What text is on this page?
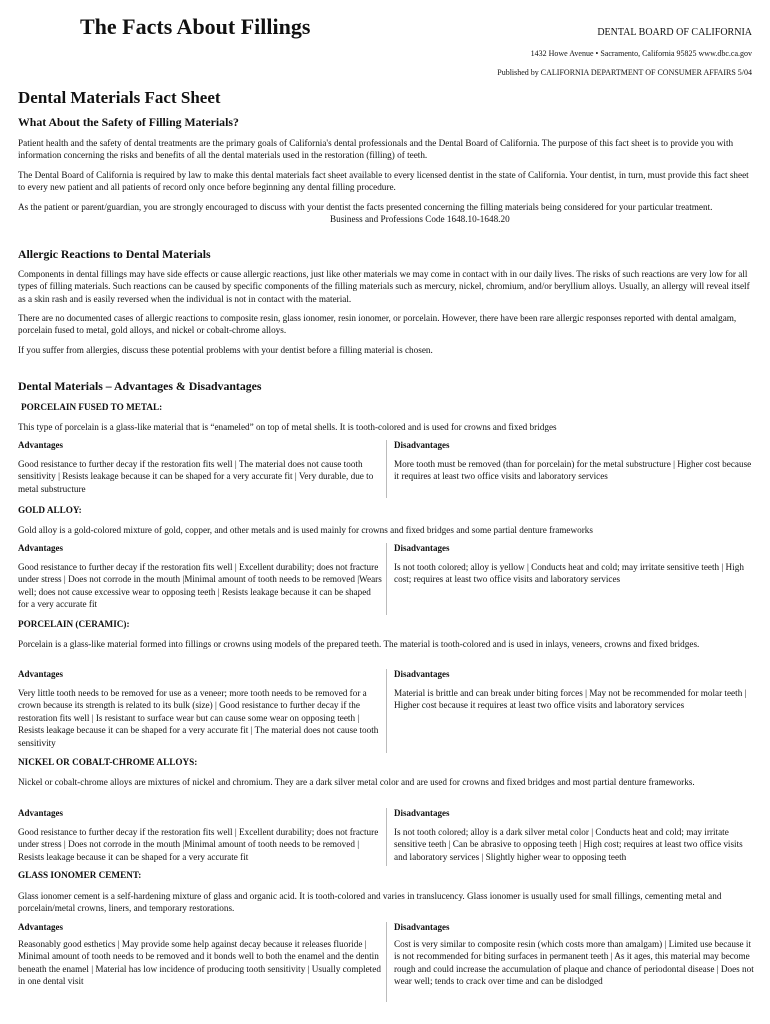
The Facts About Fillings	DENTAL BOARD OF CALIFORNIA
1432 Howe Avenue • Sacramento, California 95825 www.dbc.ca.gov
Published by CALIFORNIA DEPARTMENT OF CONSUMER AFFAIRS 5/04
Dental Materials Fact Sheet
What About the Safety of Filling Materials?

Patient health and the safety of dental treatments are the primary goals of California's dental professionals and the Dental Board of California. The purpose of this fact sheet is to provide you with information concerning the risks and benefits of all the dental materials used in the restoration (filling) of teeth.

The Dental Board of California is required by law to make this dental materials fact sheet available to every licensed dentist in the state of California. Your dentist, in turn, must provide this fact sheet to every new patient and all patients of record only once before beginning any dental filling procedure.

As the patient or parent/guardian, you are strongly encouraged to discuss with your dentist the facts presented concerning the filling materials being considered for your particular treatment.

Business and Professions Code 1648.10-1648.20

Allergic Reactions to Dental Materials

Components in dental fillings may have side effects or cause allergic reactions, just like other materials we may come in contact with in our daily lives. The risks of such reactions are very low for all types of filling materials. Such reactions can be caused by specific components of the filling materials such as mercury, nickel, chromium, and/or beryllium alloys. Usually, an allergy will reveal itself as a skin rash and is easily reversed when the individual is not in contact with the material.

There are no documented cases of allergic reactions to composite resin, glass ionomer, resin ionomer, or porcelain. However, there have been rare allergic responses reported with dental amalgam, porcelain fused to metal, gold alloys, and nickel or cobalt-chrome alloys.

If you suffer from allergies, discuss these potential problems with your dentist before a filling material is chosen.

Dental Materials – Advantages & Disadvantages

PORCELAIN FUSED TO METAL:

This type of porcelain is a glass-like material that is “enameled” on top of metal shells. It is tooth-colored and is used for crowns and fixed bridges

Advantages

Good resistance to further decay if the restoration fits well | The material does not cause tooth sensitivity | Resists leakage because it can be shaped for a very accurate fit | Very durable, due to metal substructure

Disadvantages

More tooth must be removed (than for porcelain) for the metal substructure | Higher cost because it requires at least two office visits and laboratory services

GOLD ALLOY:

Gold alloy is a gold-colored mixture of gold, copper, and other metals and is used mainly for crowns and fixed bridges and some partial denture frameworks

Advantages

Good resistance to further decay if the restoration fits well | Excellent durability; does not fracture under stress | Does not corrode in the mouth |Minimal amount of tooth needs to be removed |Wears well; does not cause excessive wear to opposing teeth | Resists leakage because it can be shaped for a very accurate fit

Disadvantages

Is not tooth colored; alloy is yellow | Conducts heat and cold; may irritate sensitive teeth | High cost; requires at least two office visits and laboratory services

PORCELAIN (CERAMIC):

Porcelain is a glass-like material formed into fillings or crowns using models of the prepared teeth. The material is tooth-colored and is used in inlays, veneers, crowns and fixed bridges.

Advantages

Very little tooth needs to be removed for use as a veneer; more tooth needs to be removed for a crown because its strength is related to its bulk (size) | Good resistance to further decay if the restoration fits well | Is resistant to surface wear but can cause some wear on opposing teeth | Resists leakage because it can be shaped for a very accurate fit | The material does not cause tooth sensitivity

Disadvantages

Material is brittle and can break under biting forces | May not be recommended for molar teeth | Higher cost because it requires at least two office visits and laboratory services

NICKEL OR COBALT-CHROME ALLOYS:

Nickel or cobalt-chrome alloys are mixtures of nickel and chromium. They are a dark silver metal color and are used for crowns and fixed bridges and most partial denture frameworks.

Advantages

Good resistance to further decay if the restoration fits well | Excellent durability; does not fracture under stress | Does not corrode in the mouth |Minimal amount of tooth needs to be removed | Resists leakage because it can be shaped for a very accurate fit

Disadvantages

Is not tooth colored; alloy is a dark silver metal color | Conducts heat and cold; may irritate sensitive teeth | Can be abrasive to opposing teeth | High cost; requires at least two office visits and laboratory services | Slightly higher wear to opposing teeth

GLASS IONOMER CEMENT:

Glass ionomer cement is a self-hardening mixture of glass and organic acid. It is tooth-colored and varies in translucency. Glass ionomer is usually used for small fillings, cementing metal and porcelain/metal crowns, liners, and temporary restorations.

Advantages

Reasonably good esthetics | May provide some help against decay because it releases fluoride | Minimal amount of tooth needs to be removed and it bonds well to both the enamel and the dentin beneath the enamel | Material has low incidence of producing tooth sensitivity | Usually completed in one dental visit

Disadvantages

Cost is very similar to composite resin (which costs more than amalgam) | Limited use because it is not recommended for biting surfaces in permanent teeth | As it ages, this material may become rough and could increase the accumulation of plaque and chance of periodontal disease | Does not wear well; tends to crack over time and can be dislodged
